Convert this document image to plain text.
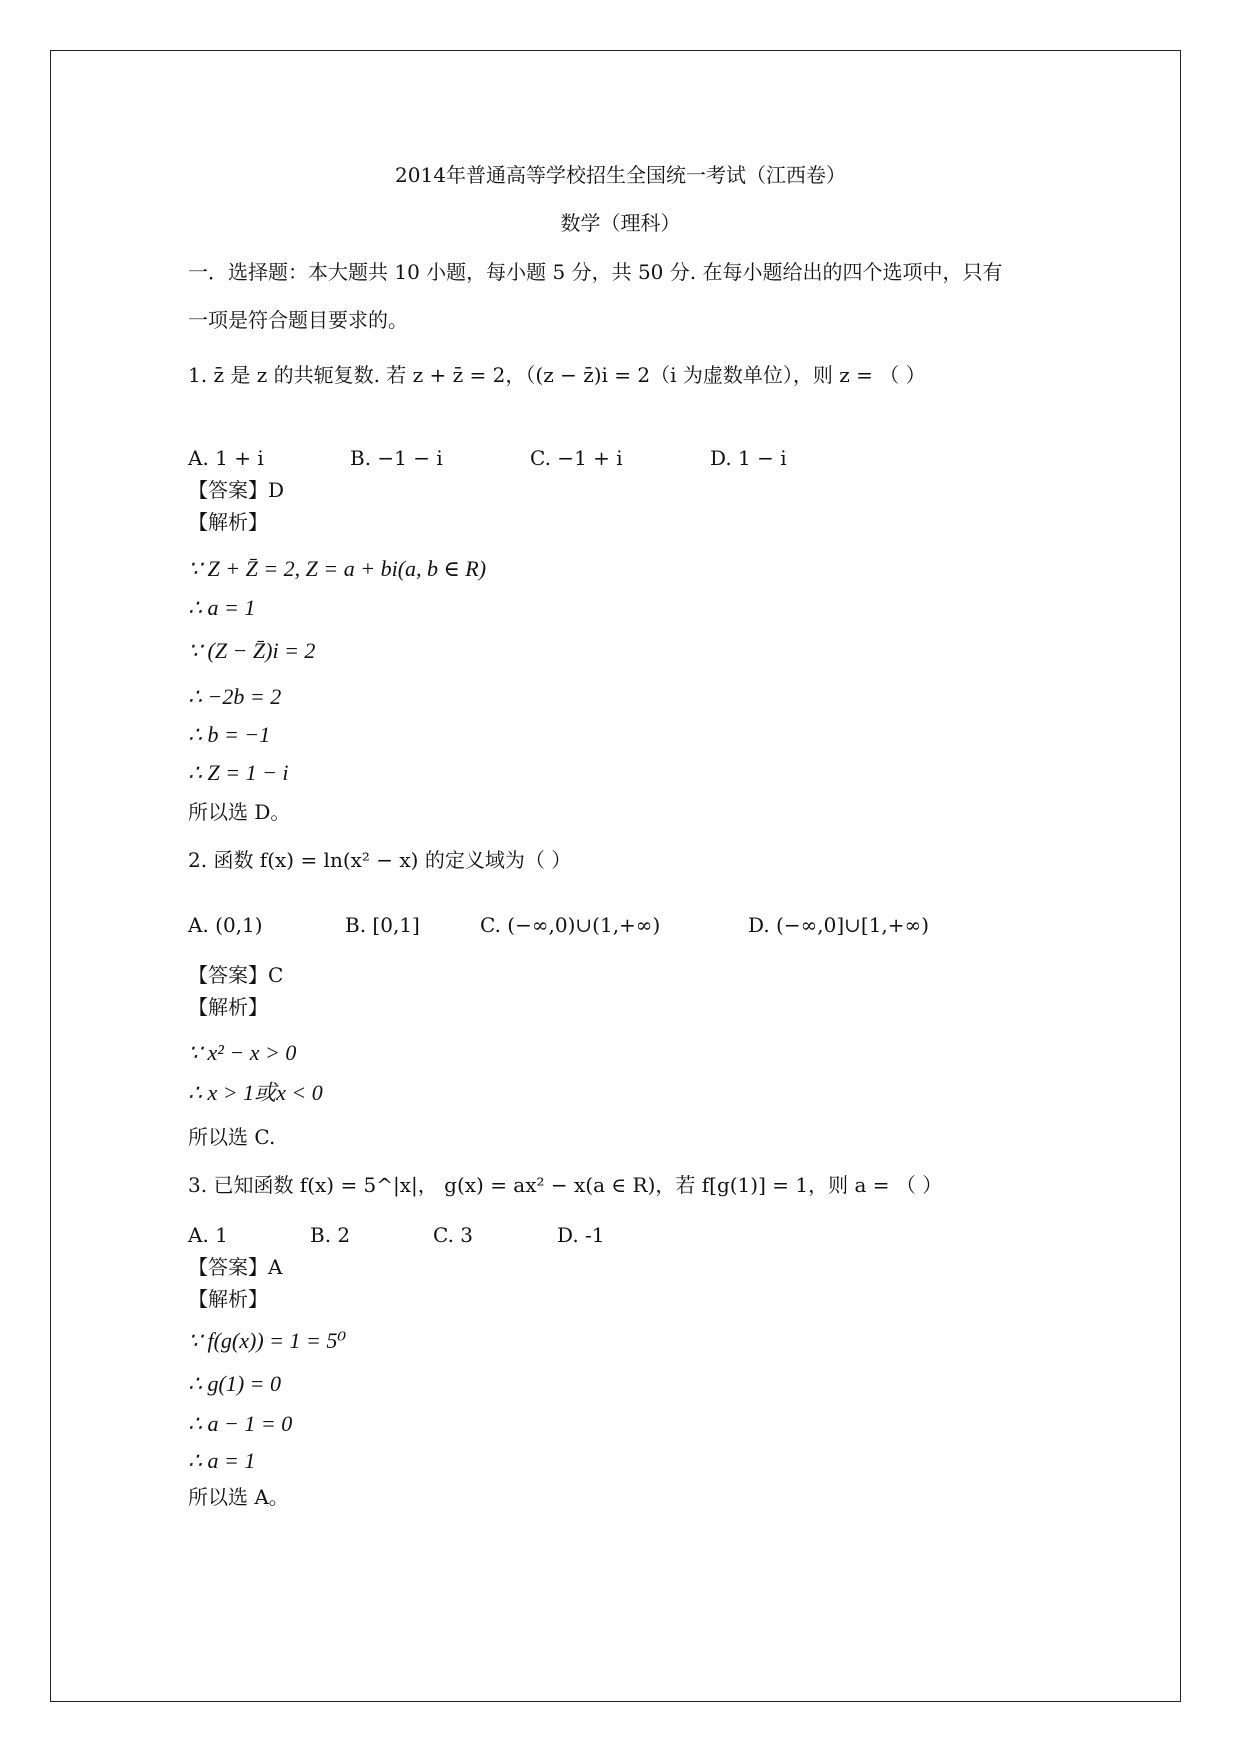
2014年普通高等学校招生全国统一考试（江西卷）
数学（理科）
一．选择题：本大题共 10 小题，每小题 5 分，共 50 分. 在每小题给出的四个选项中，只有
一项是符合题目要求的。
1. z̄ 是 z 的共轭复数. 若 z + z̄ = 2，（(z − z̄)i = 2（i 为虚数单位），则 z = （ ）
A. 1 + i	B. −1 − i	C. −1 + i	D. 1 − i
【答案】D
【解析】
∵ Z + Z̄ = 2, Z = a + bi(a, b ∈ R)
∴ a = 1
∵ (Z − Z̄)i = 2
∴ −2b = 2
∴ b = −1
∴ Z = 1 − i
所以选 D。
2. 函数 f(x) = ln(x² − x) 的定义域为（ ）
A. (0,1)	B. [0,1]	C. (−∞,0)∪(1,+∞)	D. (−∞,0]∪[1,+∞)
【答案】C
【解析】
∵ x² − x > 0
∴ x > 1或x < 0
所以选 C.
3. 已知函数 f(x) = 5^|x|， g(x) = ax² − x(a ∈ R)，若 f[g(1)] = 1，则 a = （ ）
A. 1	B. 2	C. 3	D. -1
【答案】A
【解析】
∵ f(g(x)) = 1 = 5⁰
∴ g(1) = 0
∴ a − 1 = 0
∴ a = 1
所以选 A。
